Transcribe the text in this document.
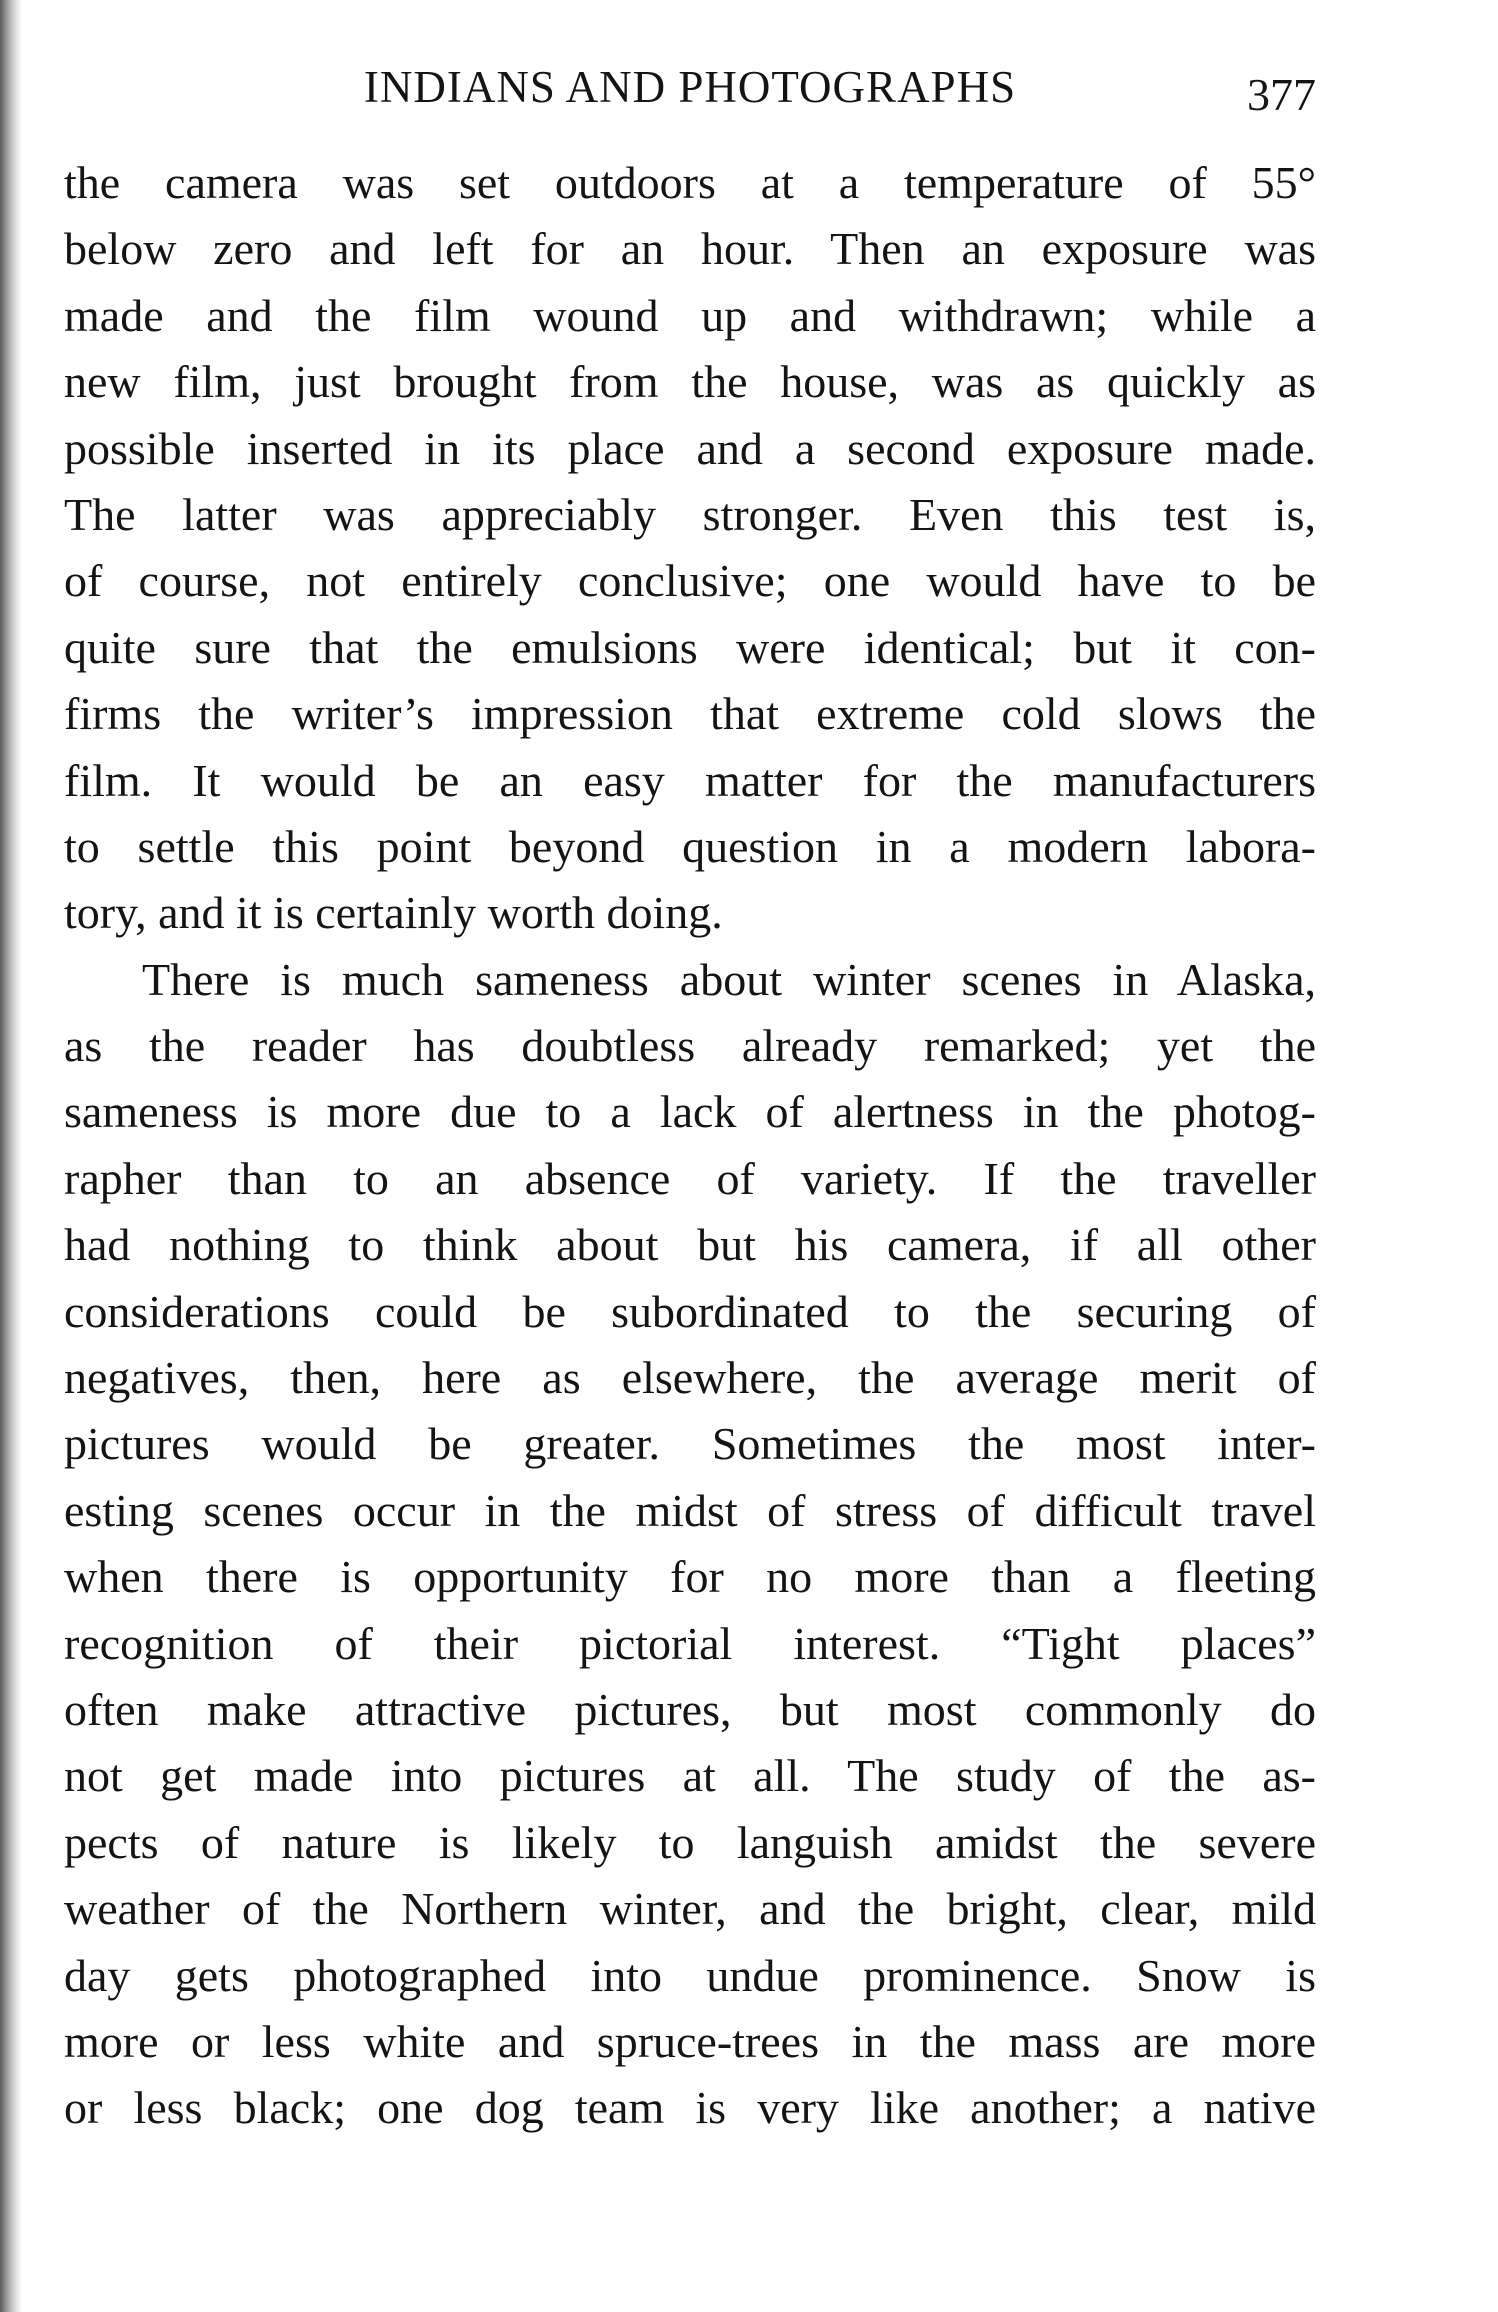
INDIANS AND PHOTOGRAPHS	377
the camera was set outdoors at a temperature of 55°
below zero and left for an hour. Then an exposure was
made and the film wound up and withdrawn; while a
new film, just brought from the house, was as quickly as
possible inserted in its place and a second exposure made.
The latter was appreciably stronger. Even this test is,
of course, not entirely conclusive; one would have to be
quite sure that the emulsions were identical; but it con-
firms the writer’s impression that extreme cold slows the
film. It would be an easy matter for the manufacturers
to settle this point beyond question in a modern labora-
tory, and it is certainly worth doing.
There is much sameness about winter scenes in Alaska,
as the reader has doubtless already remarked; yet the
sameness is more due to a lack of alertness in the photog-
rapher than to an absence of variety. If the traveller
had nothing to think about but his camera, if all other
considerations could be subordinated to the securing of
negatives, then, here as elsewhere, the average merit of
pictures would be greater. Sometimes the most inter-
esting scenes occur in the midst of stress of difficult travel
when there is opportunity for no more than a fleeting
recognition of their pictorial interest. “Tight places”
often make attractive pictures, but most commonly do
not get made into pictures at all. The study of the as-
pects of nature is likely to languish amidst the severe
weather of the Northern winter, and the bright, clear, mild
day gets photographed into undue prominence. Snow is
more or less white and spruce-trees in the mass are more
or less black; one dog team is very like another; a native
